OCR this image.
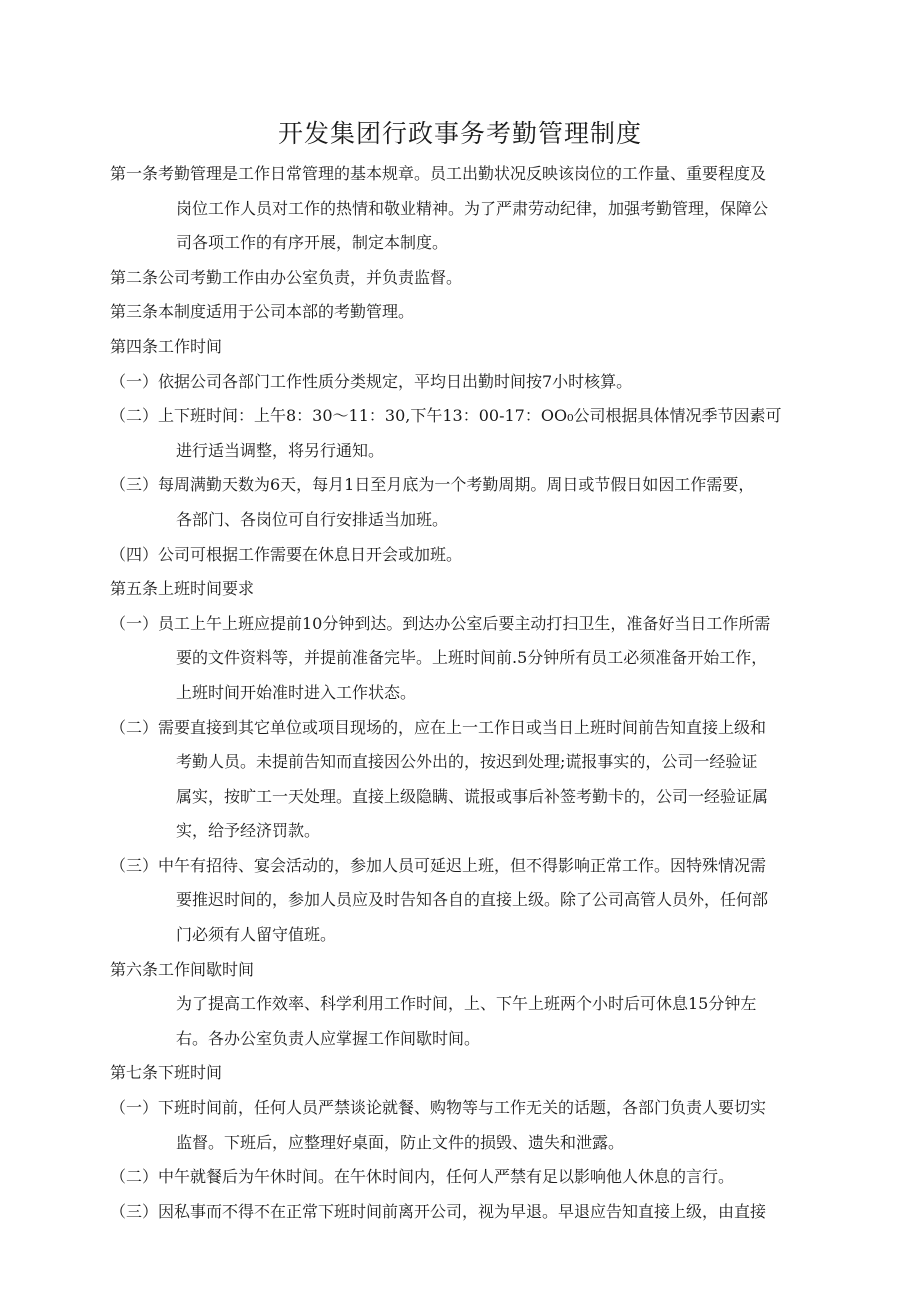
开发集团行政事务考勤管理制度
第一条考勤管理是工作日常管理的基本规章。员工出勤状况反映该岗位的工作量、重要程度及
岗位工作人员对工作的热情和敬业精神。为了严肃劳动纪律，加强考勤管理，保障公
司各项工作的有序开展，制定本制度。
第二条公司考勤工作由办公室负责，并负责监督。
第三条本制度适用于公司本部的考勤管理。
第四条工作时间
（一）依据公司各部门工作性质分类规定，平均日出勤时间按7小时核算。
（二）上下班时间：上午8：30〜11：30,下午13：00-17：OO₀公司根据具体情况季节因素可
进行适当调整，将另行通知。
（三）每周满勤天数为6天，每月1日至月底为一个考勤周期。周日或节假日如因工作需要，
各部门、各岗位可自行安排适当加班。
（四）公司可根据工作需要在休息日开会或加班。
第五条上班时间要求
（一）员工上午上班应提前10分钟到达。到达办公室后要主动打扫卫生，准备好当日工作所需
要的文件资料等，并提前准备完毕。上班时间前.5分钟所有员工必须准备开始工作，
上班时间开始准时进入工作状态。
（二）需要直接到其它单位或项目现场的，应在上一工作日或当日上班时间前告知直接上级和
考勤人员。未提前告知而直接因公外出的，按迟到处理;谎报事实的，公司一经验证
属实，按旷工一天处理。直接上级隐瞒、谎报或事后补签考勤卡的，公司一经验证属
实，给予经济罚款。
（三）中午有招待、宴会活动的，参加人员可延迟上班，但不得影响正常工作。因特殊情况需
要推迟时间的，参加人员应及时告知各自的直接上级。除了公司高管人员外，任何部
门必须有人留守值班。
第六条工作间歇时间
为了提高工作效率、科学利用工作时间，上、下午上班两个小时后可休息15分钟左
右。各办公室负责人应掌握工作间歇时间。
第七条下班时间
（一）下班时间前，任何人员严禁谈论就餐、购物等与工作无关的话题，各部门负责人要切实
监督。下班后，应整理好桌面，防止文件的损毁、遗失和泄露。
（二）中午就餐后为午休时间。在午休时间内，任何人严禁有足以影响他人休息的言行。
（三）因私事而不得不在正常下班时间前离开公司，视为早退。早退应告知直接上级，由直接
